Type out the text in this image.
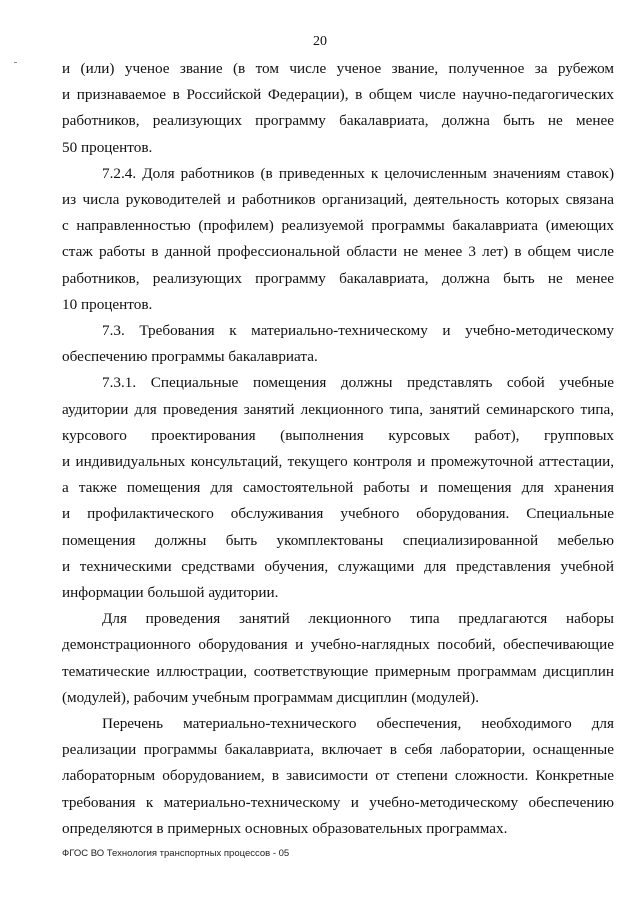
20
и (или) ученое звание (в том числе ученое звание, полученное за рубежом
и признаваемое в Российской Федерации), в общем числе научно-педагогических
работников, реализующих программу бакалавриата, должна быть не менее
50 процентов.
7.2.4. Доля работников (в приведенных к целочисленным значениям ставок)
из числа руководителей и работников организаций, деятельность которых связана
с направленностью (профилем) реализуемой программы бакалавриата (имеющих
стаж работы в данной профессиональной области не менее 3 лет) в общем числе
работников, реализующих программу бакалавриата, должна быть не менее
10 процентов.
7.3. Требования к материально-техническому и учебно-методическому
обеспечению программы бакалавриата.
7.3.1. Специальные помещения должны представлять собой учебные
аудитории для проведения занятий лекционного типа, занятий семинарского типа,
курсового проектирования (выполнения курсовых работ), групповых
и индивидуальных консультаций, текущего контроля и промежуточной аттестации,
а также помещения для самостоятельной работы и помещения для хранения
и профилактического обслуживания учебного оборудования. Специальные
помещения должны быть укомплектованы специализированной мебелью
и техническими средствами обучения, служащими для представления учебной
информации большой аудитории.
Для проведения занятий лекционного типа предлагаются наборы
демонстрационного оборудования и учебно-наглядных пособий, обеспечивающие
тематические иллюстрации, соответствующие примерным программам дисциплин
(модулей), рабочим учебным программам дисциплин (модулей).
Перечень материально-технического обеспечения, необходимого для
реализации программы бакалавриата, включает в себя лаборатории, оснащенные
лабораторным оборудованием, в зависимости от степени сложности. Конкретные
требования к материально-техническому и учебно-методическому обеспечению
определяются в примерных основных образовательных программах.
ФГОС ВО Технология транспортных процессов - 05
